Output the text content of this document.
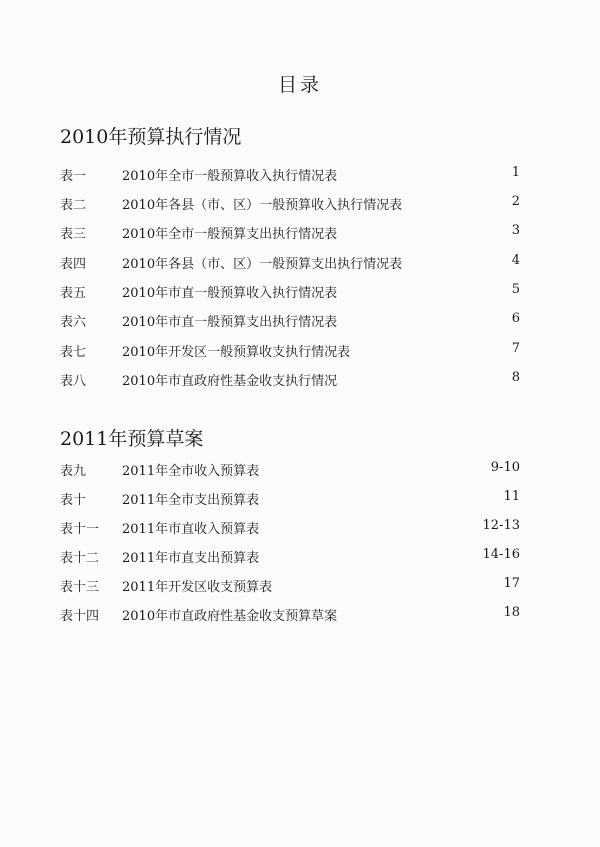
目录
2010年预算执行情况
表一	2010年全市一般预算收入执行情况表	1
表二	2010年各县（市、区）一般预算收入执行情况表	2
表三	2010年全市一般预算支出执行情况表	3
表四	2010年各县（市、区）一般预算支出执行情况表	4
表五	2010年市直一般预算收入执行情况表	5
表六	2010年市直一般预算支出执行情况表	6
表七	2010年开发区一般预算收支执行情况表	7
表八	2010年市直政府性基金收支执行情况	8
2011年预算草案
表九	2011年全市收入预算表	9-10
表十	2011年全市支出预算表	11
表十一 2011年市直收入预算表	12-13
表十二 2011年市直支出预算表	14-16
表十三 2011年开发区收支预算表	17
表十四 2010年市直政府性基金收支预算草案	18
